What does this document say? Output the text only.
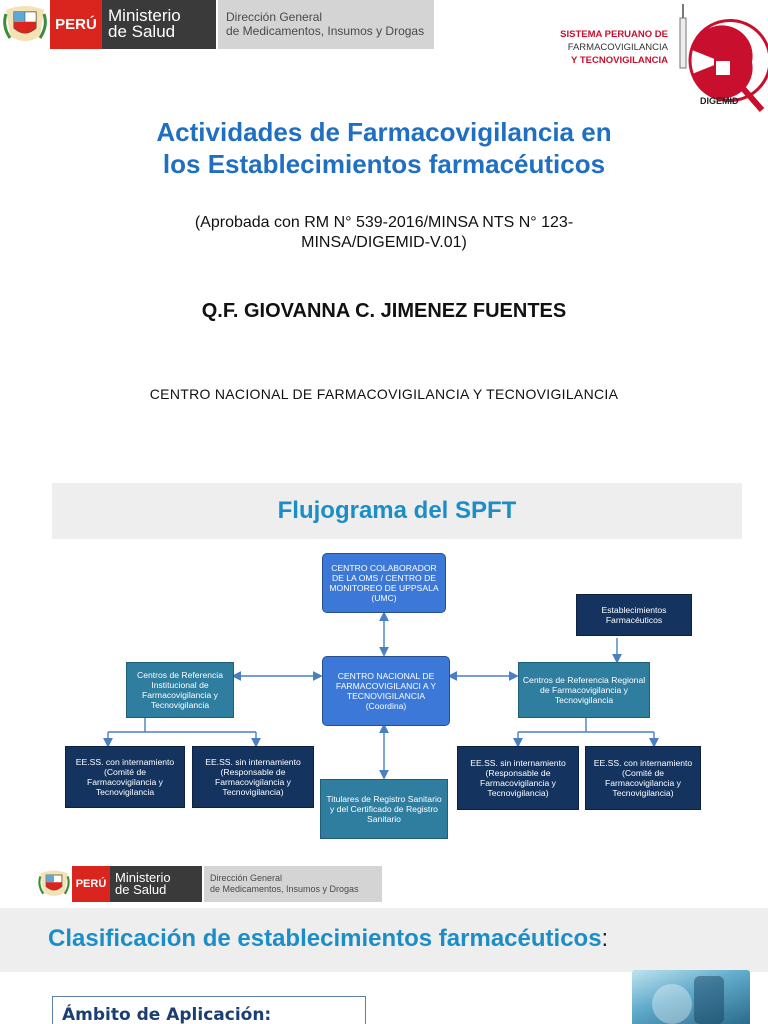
PERÚ Ministerio
de Salud
Dirección General
de Medicamentos, Insumos y Drogas	SISTEMA PERUANO DE
FARMACOVIGILANCIA
Y TECNOVIGILANCIA
DIGEMID
Actividades de Farmacovigilancia en
los Establecimientos farmacéuticos
(Aprobada con RM N° 539-2016/MINSA NTS N° 123-
MINSA/DIGEMID-V.01)
Q.F. GIOVANNA C. JIMENEZ FUENTES
CENTRO NACIONAL DE FARMACOVIGILANCIA Y TECNOVIGILANCIA
Flujograma del SPFT
CENTRO COLABORADOR DE LA OMS / CENTRO DE MONITOREO DE UPPSALA (UMC)
Establecimientos Farmacéuticos
Centros de Referencia Institucional de Farmacovigilancia y Tecnovigilancia
CENTRO NACIONAL DE FARMACOVIGILANCI A Y TECNOVIGILANCIA (Coordina)
Centros de Referencia Regional de Farmacovigilancia y Tecnovigilancia
EE.SS. con internamiento (Comité de Farmacovigilancia y Tecnovigilancia
EE.SS. sin internamiento (Responsable de Farmacovigilancia y Tecnovigilancia)
Titulares de Registro Sanitario y del Certificado de Registro Sanitario
EE.SS. sin internamiento (Responsable de Farmacovigilancia y Tecnovigilancia)
EE.SS. con internamiento (Comité de Farmacovigilancia y Tecnovigilancia)
PERÚ Ministerio
de Salud
Dirección General
de Medicamentos, Insumos y Drogas
Clasificación de establecimientos farmacéuticos:
Ámbito de Aplicación:
